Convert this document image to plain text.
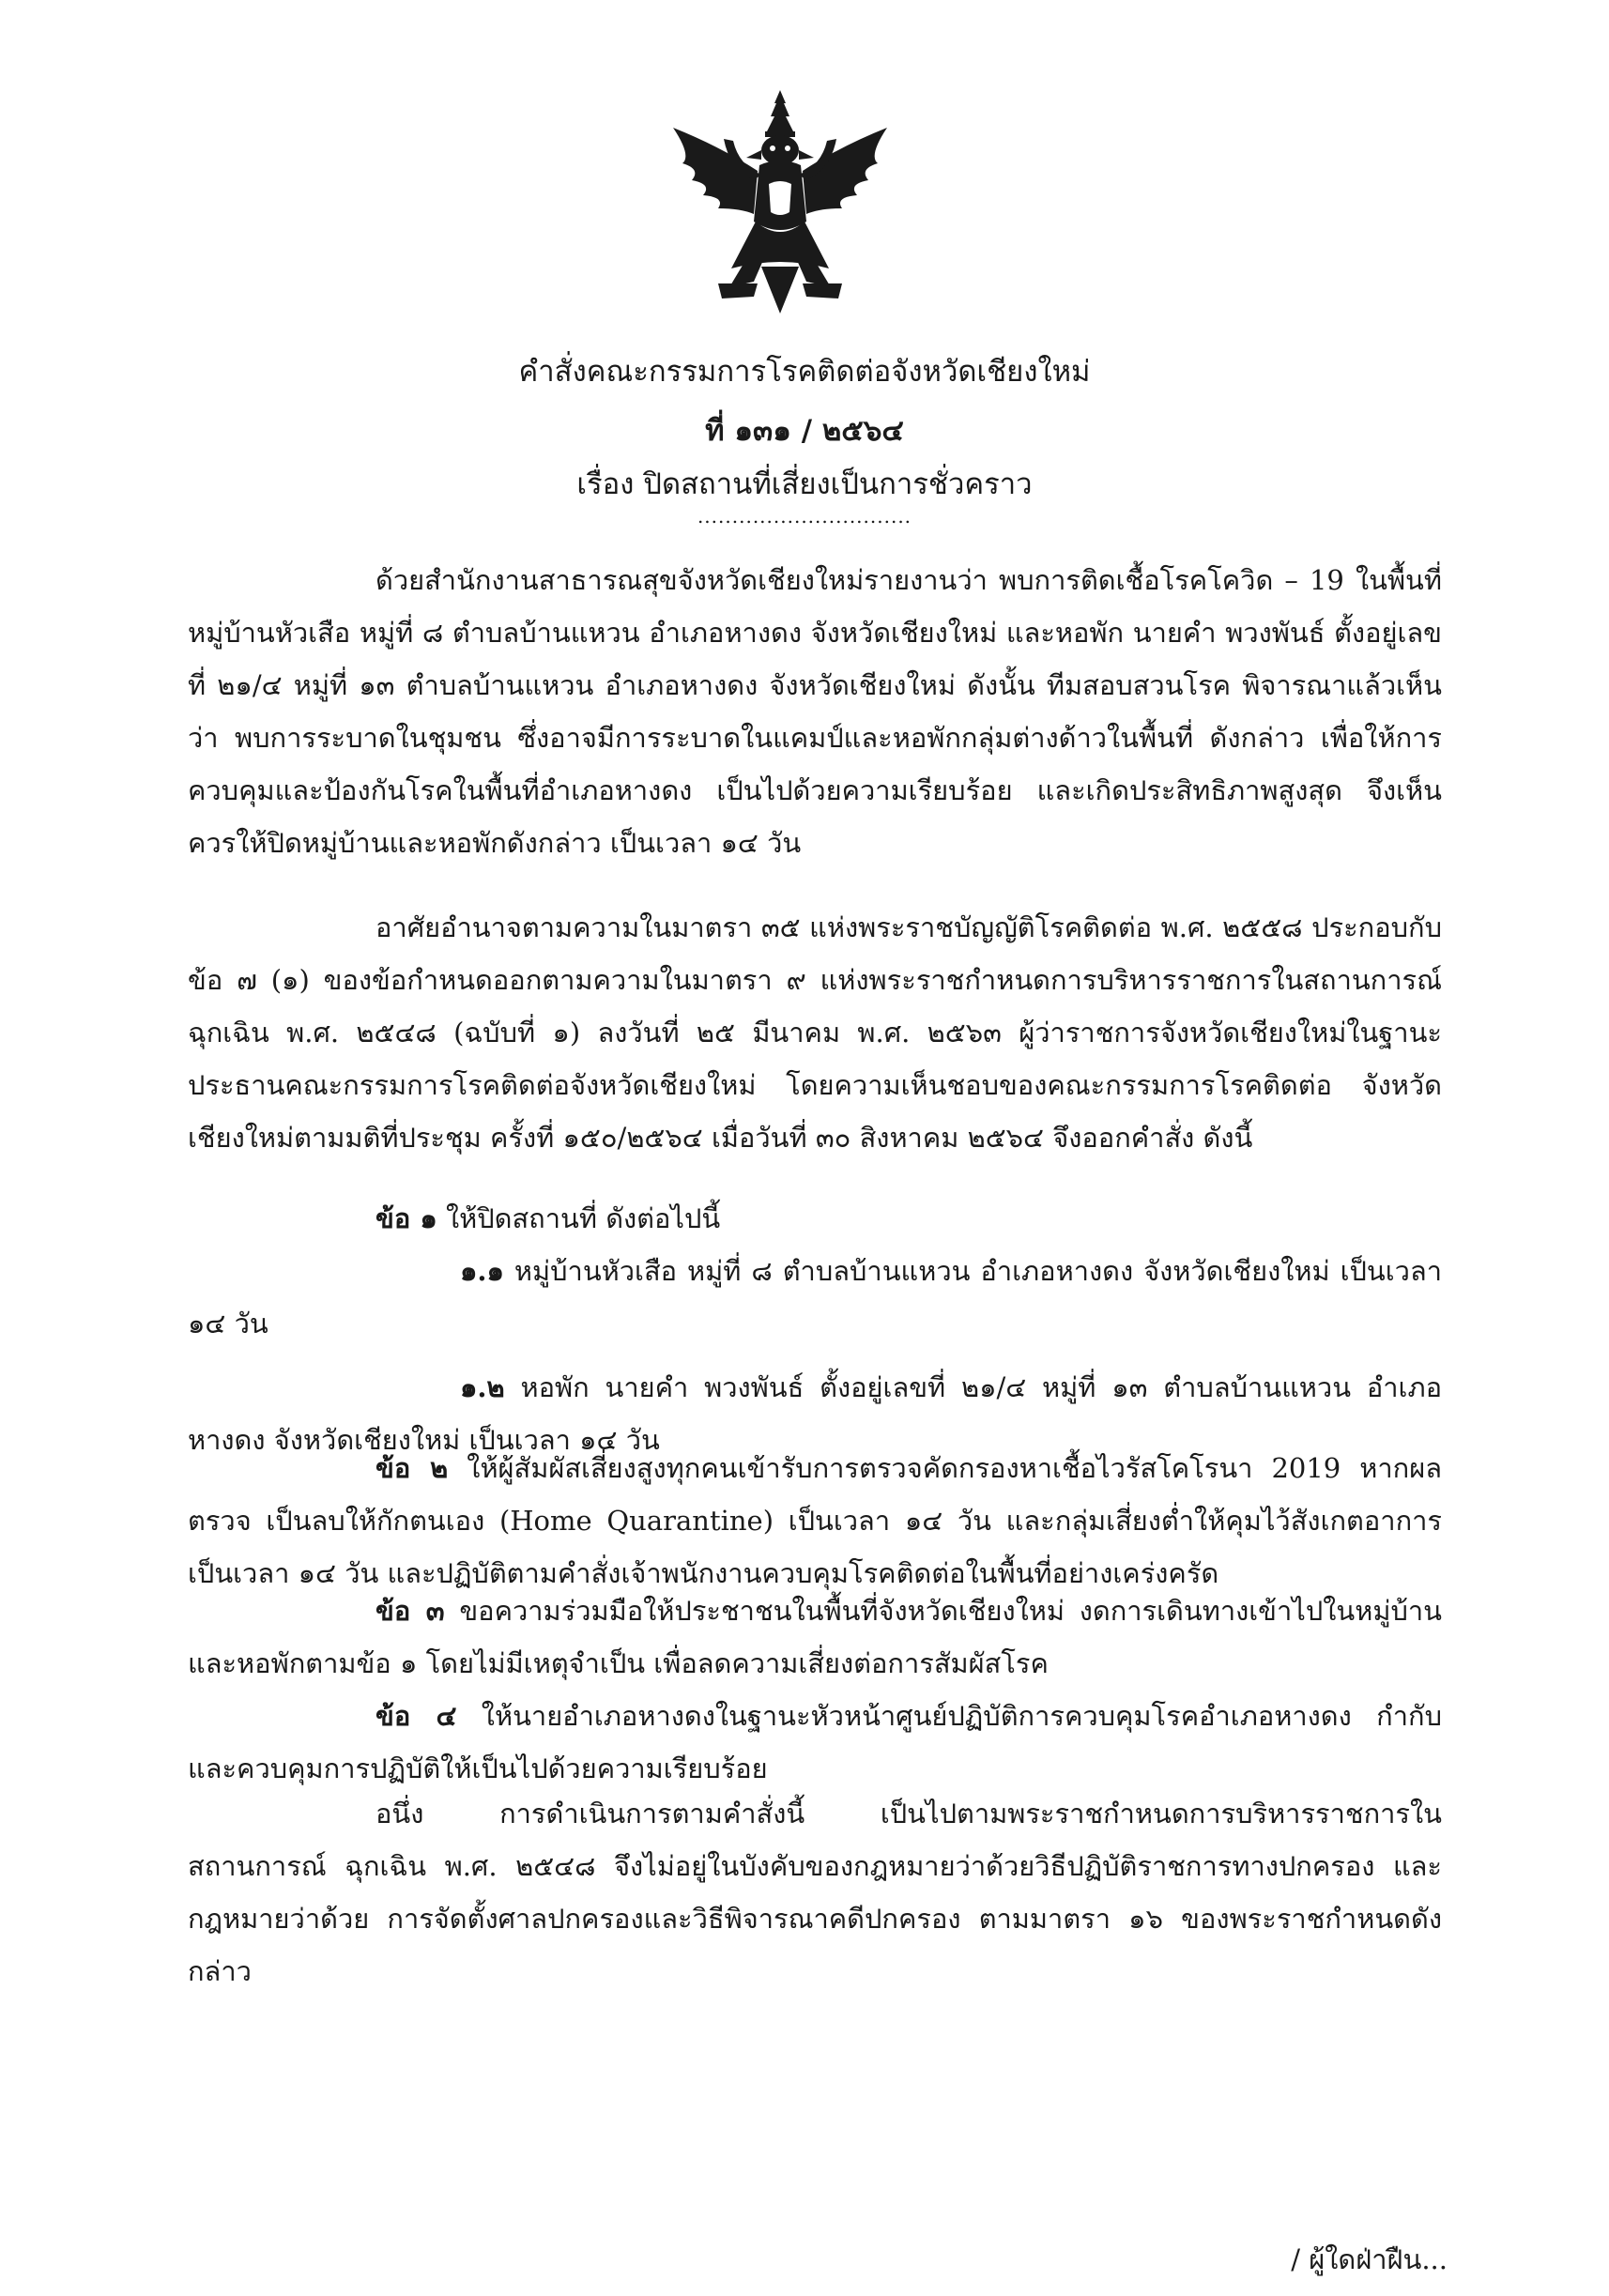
คำสั่งคณะกรรมการโรคติดต่อจังหวัดเชียงใหม่
ที่ ๑๓๑ / ๒๕๖๔
เรื่อง ปิดสถานที่เสี่ยงเป็นการชั่วคราว
...............................

ด้วยสำนักงานสาธารณสุขจังหวัดเชียงใหม่รายงานว่า พบการติดเชื้อโรคโควิด – 19 ในพื้นที่หมู่บ้านหัวเสือ หมู่ที่ ๘ ตำบลบ้านแหวน อำเภอหางดง จังหวัดเชียงใหม่ และหอพัก นายคำ พวงพันธ์ ตั้งอยู่เลขที่ ๒๑/๔ หมู่ที่ ๑๓ ตำบลบ้านแหวน อำเภอหางดง จังหวัดเชียงใหม่ ดังนั้น ทีมสอบสวนโรค พิจารณาแล้วเห็นว่า พบการระบาดในชุมชน ซึ่งอาจมีการระบาดในแคมป์และหอพักกลุ่มต่างด้าวในพื้นที่ ดังกล่าว เพื่อให้การควบคุมและป้องกันโรคในพื้นที่อำเภอหางดง เป็นไปด้วยความเรียบร้อย และเกิดประสิทธิภาพสูงสุด จึงเห็นควรให้ปิดหมู่บ้านและหอพักดังกล่าว เป็นเวลา ๑๔ วัน

อาศัยอำนาจตามความในมาตรา ๓๕ แห่งพระราชบัญญัติโรคติดต่อ พ.ศ. ๒๕๕๘ ประกอบกับ ข้อ ๗ (๑) ของข้อกำหนดออกตามความในมาตรา ๙ แห่งพระราชกำหนดการบริหารราชการในสถานการณ์ ฉุกเฉิน พ.ศ. ๒๕๔๘ (ฉบับที่ ๑) ลงวันที่ ๒๕ มีนาคม พ.ศ. ๒๕๖๓ ผู้ว่าราชการจังหวัดเชียงใหม่ในฐานะ ประธานคณะกรรมการโรคติดต่อจังหวัดเชียงใหม่ โดยความเห็นชอบของคณะกรรมการโรคติดต่อ จังหวัดเชียงใหม่ตามมติที่ประชุม ครั้งที่ ๑๕๐/๒๕๖๔ เมื่อวันที่ ๓๐ สิงหาคม ๒๕๖๔ จึงออกคำสั่ง ดังนี้

ข้อ ๑ ให้ปิดสถานที่ ดังต่อไปนี้

๑.๑ หมู่บ้านหัวเสือ หมู่ที่ ๘ ตำบลบ้านแหวน อำเภอหางดง จังหวัดเชียงใหม่ เป็นเวลา ๑๔ วัน

๑.๒ หอพัก นายคำ พวงพันธ์ ตั้งอยู่เลขที่ ๒๑/๔ หมู่ที่ ๑๓ ตำบลบ้านแหวน อำเภอหางดง จังหวัดเชียงใหม่ เป็นเวลา ๑๔ วัน

ข้อ ๒ ให้ผู้สัมผัสเสี่ยงสูงทุกคนเข้ารับการตรวจคัดกรองหาเชื้อไวรัสโคโรนา 2019 หากผลตรวจ เป็นลบให้กักตนเอง (Home Quarantine) เป็นเวลา ๑๔ วัน และกลุ่มเสี่ยงต่ำให้คุมไว้สังเกตอาการ เป็นเวลา ๑๔ วัน และปฏิบัติตามคำสั่งเจ้าพนักงานควบคุมโรคติดต่อในพื้นที่อย่างเคร่งครัด

ข้อ ๓ ขอความร่วมมือให้ประชาชนในพื้นที่จังหวัดเชียงใหม่ งดการเดินทางเข้าไปในหมู่บ้าน และหอพักตามข้อ ๑ โดยไม่มีเหตุจำเป็น เพื่อลดความเสี่ยงต่อการสัมผัสโรค

ข้อ ๔ ให้นายอำเภอหางดงในฐานะหัวหน้าศูนย์ปฏิบัติการควบคุมโรคอำเภอหางดง กำกับ และควบคุมการปฏิบัติให้เป็นไปด้วยความเรียบร้อย

อนึ่ง การดำเนินการตามคำสั่งนี้ เป็นไปตามพระราชกำหนดการบริหารราชการในสถานการณ์ ฉุกเฉิน พ.ศ. ๒๕๔๘ จึงไม่อยู่ในบังคับของกฎหมายว่าด้วยวิธีปฏิบัติราชการทางปกครอง และกฎหมายว่าด้วย การจัดตั้งศาลปกครองและวิธีพิจารณาคดีปกครอง ตามมาตรา ๑๖ ของพระราชกำหนดดังกล่าว

/ ผู้ใดฝ่าฝืน...
